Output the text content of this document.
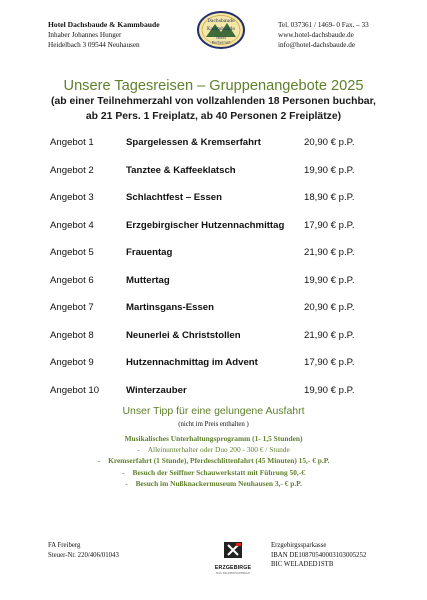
Hotel Dachsbaude & Kammbaude
Inhaber Johannes Hunger
Heidelbach 3 09544 Neuhausen
Dachsbaude
Kammbaude
Hotel
Restaurant
Tel. 037361 / 1469- 0 Fax. – 33
www.hotel-dachsbaude.de
info@hotel-dachsbaude.de
Unsere Tagesreisen – Gruppenangebote 2025
(ab einer Teilnehmerzahl von vollzahlenden 18 Personen buchbar,
ab 21 Pers. 1 Freiplatz, ab 40 Personen 2 Freiplätze)
Angebot 1	Spargelessen & Kremserfahrt	20,90 € p.P.
Angebot 2	Tanztee & Kaffeeklatsch	19,90 € p.P.
Angebot 3	Schlachtfest – Essen	18,90 € p.P.
Angebot 4	Erzgebirgischer Hutzennachmittag 17,90 € p.P.
Angebot 5	Frauentag	21,90 € p.P.
Angebot 6	Muttertag	19,90 € p.P.
Angebot 7	Martinsgans-Essen	20,90 € p.P.
Angebot 8	Neunerlei & Christstollen	21,90 € p.P.
Angebot 9	Hutzennachmittag im Advent	17,90 € p.P.
Angebot 10	Winterzauber	19,90 € p.P.
Unser Tipp für eine gelungene Ausfahrt
(nicht im Preis enthalten )
Musikalisches Unterhaltungsprogramm (1- 1,5 Stunden)
- Alleinunterhalter oder Duo 200 - 300 € / Stunde
- Kremserfahrt (1 Stunde), Pferdeschlittenfahrt (45 Minuten) 15,- € p.P.
- Besuch der Seiffner Schauwerkstatt mit Führung 50,-€
- Besuch im Nußknackermuseum Neuhausen 3,- € p.P.
FA Freiberg
Steuer-Nr. 220/406/01043
ERZGEBIRGE
DAS ERLEBNISGEBIRGE
Erzgebirgssparkasse
IBAN DE10870540003103005252
BIC WELADED1STB
